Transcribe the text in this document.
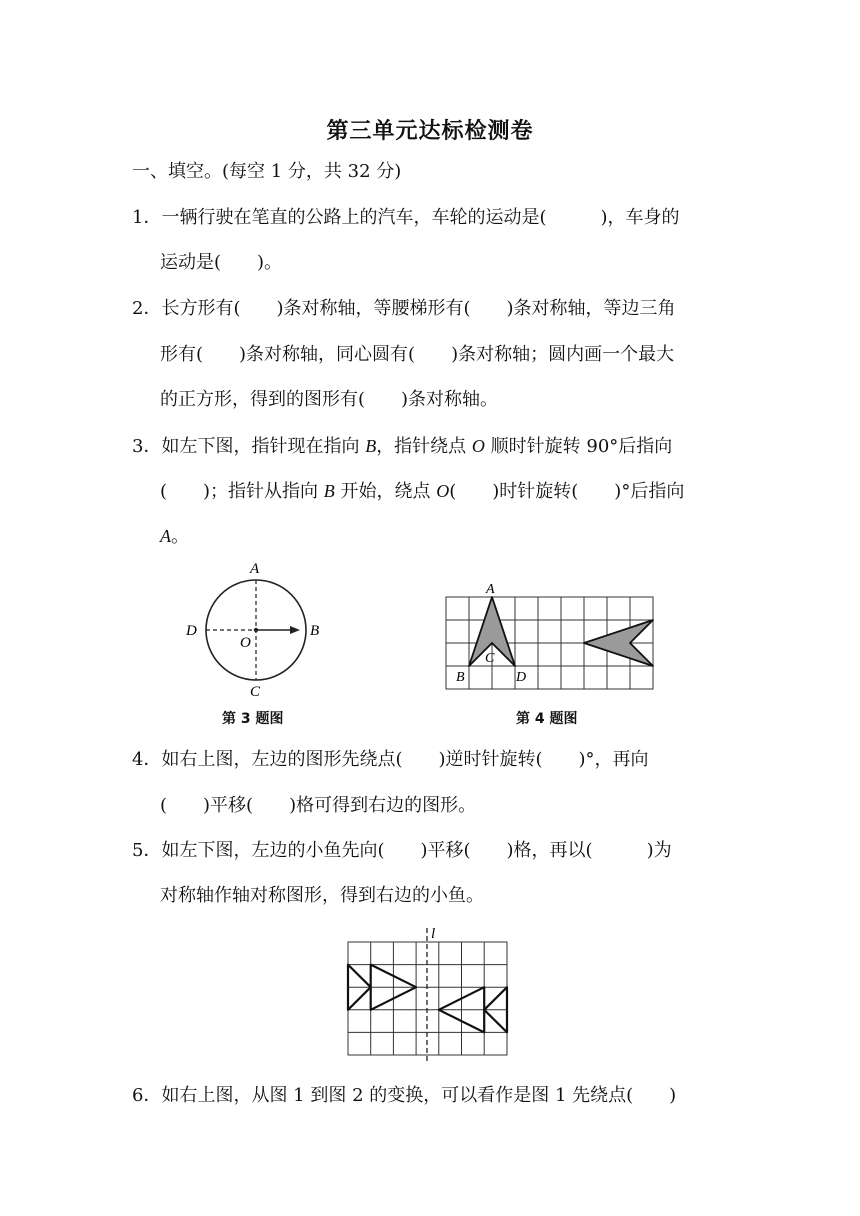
第三单元达标检测卷
一、填空。(每空 1 分，共 32 分)
1．一辆行驶在笔直的公路上的汽车，车轮的运动是(　　　)，车身的
运动是(　　)。
2．长方形有(　　)条对称轴，等腰梯形有(　　)条对称轴，等边三角
形有(　　)条对称轴，同心圆有(　　)条对称轴；圆内画一个最大
的正方形，得到的图形有(　　)条对称轴。
3．如左下图，指针现在指向 B，指针绕点 O 顺时针旋转 90°后指向
(　　)；指针从指向 B 开始，绕点 O(　　)时针旋转(　　)°后指向
A。
A
B
C
D
O
第 3 题图
A
B
C
D
第 4 题图
4．如右上图，左边的图形先绕点(　　)逆时针旋转(　　)°，再向
(　　)平移(　　)格可得到右边的图形。
5．如左下图，左边的小鱼先向(　　)平移(　　)格，再以(　　　)为
对称轴作轴对称图形，得到右边的小鱼。
l
6．如右上图，从图 1 到图 2 的变换，可以看作是图 1 先绕点(　　)
